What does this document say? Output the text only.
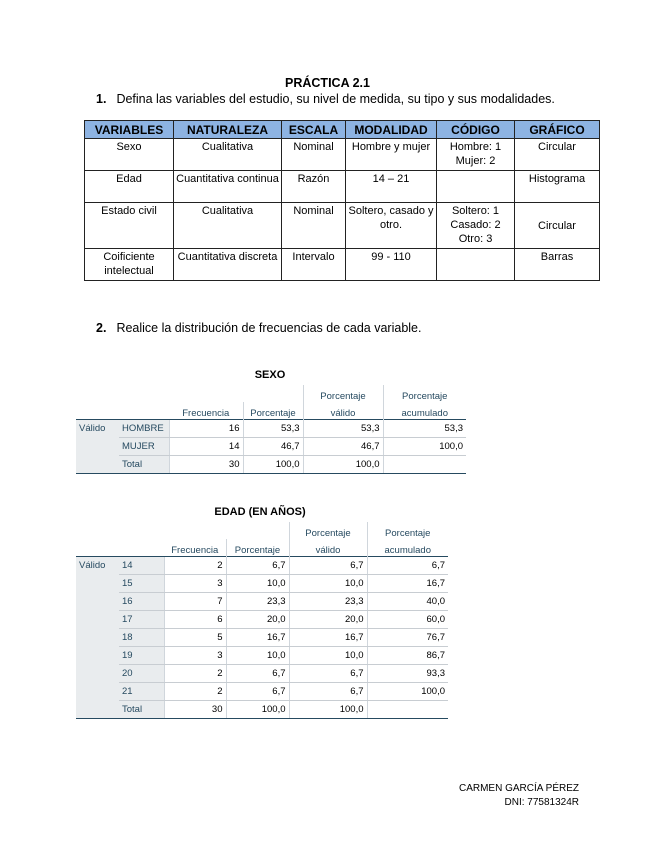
PRÁCTICA 2.1
1. Defina las variables del estudio, su nivel de medida, su tipo y sus modalidades.
VARIABLES	NATURALEZA	ESCALA	MODALIDAD	CÓDIGO	GRÁFICO
Sexo	Cualitativa	Nominal	Hombre y mujer	Hombre: 1 Mujer: 2	Circular
Edad	Cuantitativa continua	Razón	14 – 21		Histograma
Estado civil	Cualitativa	Nominal	Soltero, casado y otro.	Soltero: 1 Casado: 2 Otro: 3	Circular
Coificiente intelectual	Cuantitativa discreta	Intervalo	99 - 110		Barras
2. Realice la distribución de frecuencias de cada variable.
SEXO
				Porcentaje	Porcentaje
		Frecuencia	Porcentaje	válido	acumulado
Válido	HOMBRE	16	53,3	53,3	53,3
	MUJER	14	46,7	46,7	100,0
	Total	30	100,0	100,0	
EDAD (EN AÑOS)
				Porcentaje	Porcentaje
		Frecuencia	Porcentaje	válido	acumulado
Válido	14	2	6,7	6,7	6,7
	15	3	10,0	10,0	16,7
	16	7	23,3	23,3	40,0
	17	6	20,0	20,0	60,0
	18	5	16,7	16,7	76,7
	19	3	10,0	10,0	86,7
	20	2	6,7	6,7	93,3
	21	2	6,7	6,7	100,0
	Total	30	100,0	100,0	
CARMEN GARCÍA PÉREZ
DNI: 77581324R
